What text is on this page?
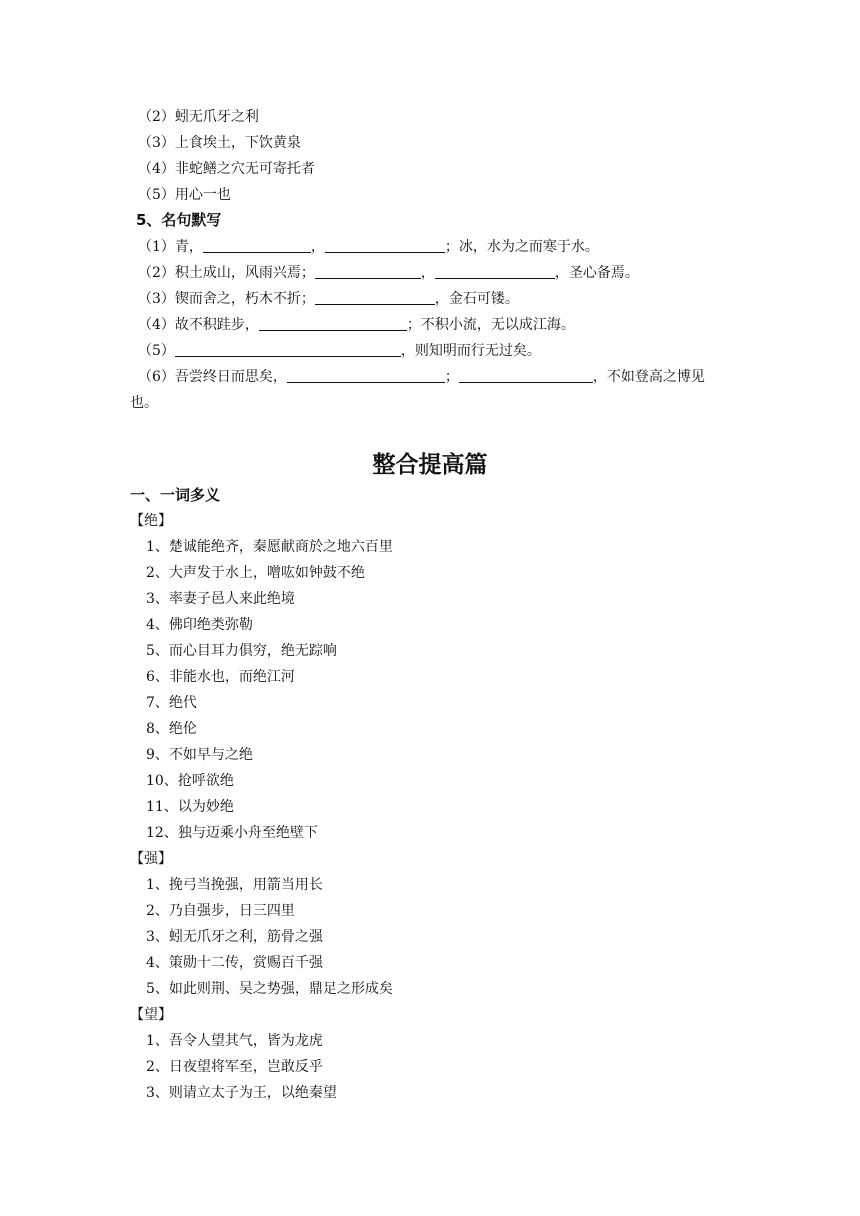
（2）蚓无爪牙之利
（3）上食埃土，下饮黄泉
（4）非蛇鳝之穴无可寄托者
（5）用心一也
5、名句默写
（1）青，	，	；冰，水为之而寒于水。
（2）积土成山，风雨兴焉；	，	，圣心备焉。
（3）锲而舍之，朽木不折；	，金石可镂。
（4）故不积跬步，	；不积小流，无以成江海。
（5）	，则知明而行无过矣。
（6）吾尝终日而思矣，	；	，不如登高之博见
也。
整合提高篇
一、一词多义
【绝】
1、楚诚能绝齐，秦愿献商於之地六百里
2、大声发于水上，噌吰如钟鼓不绝
3、率妻子邑人来此绝境
4、佛印绝类弥勒
5、而心目耳力俱穷，绝无踪响
6、非能水也，而绝江河
7、绝代
8、绝伦
9、不如早与之绝
10、抢呼欲绝
11、以为妙绝
12、独与迈乘小舟至绝壁下
【强】
1、挽弓当挽强，用箭当用长
2、乃自强步，日三四里
3、蚓无爪牙之利，筋骨之强
4、策勋十二传，赏赐百千强
5、如此则荆、吴之势强，鼎足之形成矣
【望】
1、吾令人望其气，皆为龙虎
2、日夜望将军至，岂敢反乎
3、则请立太子为王，以绝秦望
